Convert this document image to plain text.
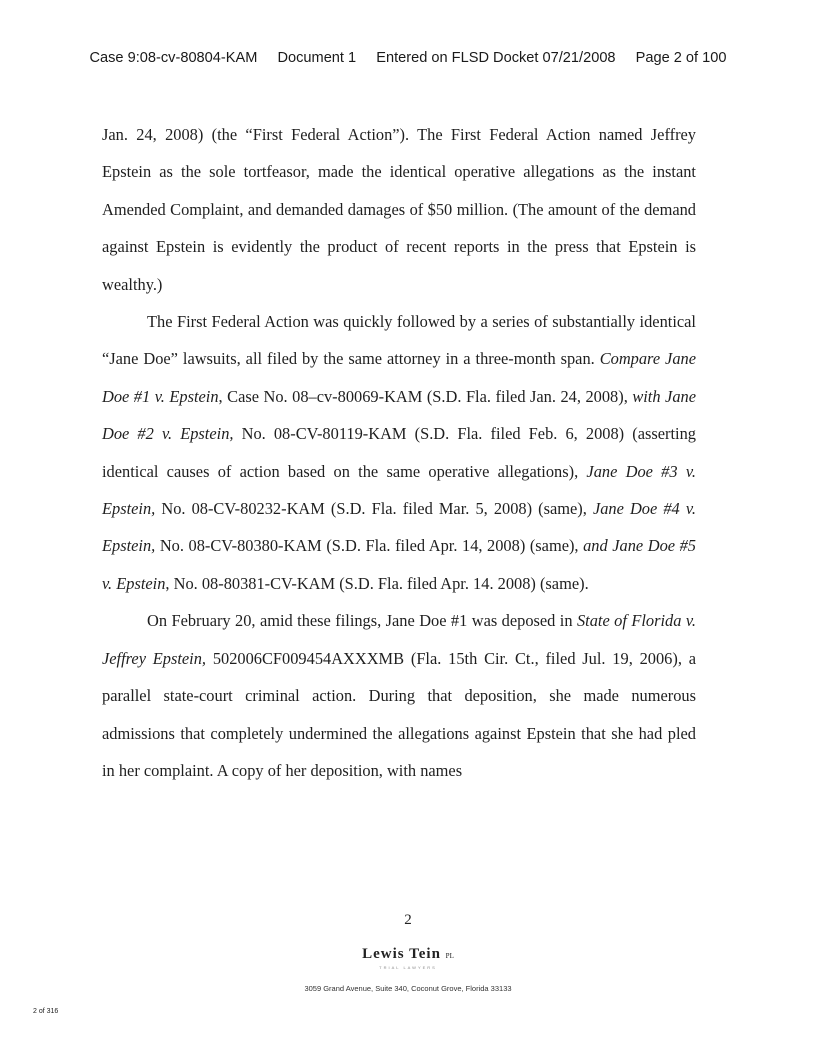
Case 9:08-cv-80804-KAM Document 1 Entered on FLSD Docket 07/21/2008 Page 2 of 100

Jan. 24, 2008) (the “First Federal Action”). The First Federal Action named Jeffrey Epstein as the sole tortfeasor, made the identical operative allegations as the instant Amended Complaint, and demanded damages of $50 million. (The amount of the demand against Epstein is evidently the product of recent reports in the press that Epstein is wealthy.)

The First Federal Action was quickly followed by a series of substantially identical “Jane Doe” lawsuits, all filed by the same attorney in a three-month span. Compare Jane Doe #1 v. Epstein, Case No. 08–cv-80069-KAM (S.D. Fla. filed Jan. 24, 2008), with Jane Doe #2 v. Epstein, No. 08-CV-80119-KAM (S.D. Fla. filed Feb. 6, 2008) (asserting identical causes of action based on the same operative allegations), Jane Doe #3 v. Epstein, No. 08-CV-80232-KAM (S.D. Fla. filed Mar. 5, 2008) (same), Jane Doe #4 v. Epstein, No. 08-CV-80380-KAM (S.D. Fla. filed Apr. 14, 2008) (same), and Jane Doe #5 v. Epstein, No. 08-80381-CV-KAM (S.D. Fla. filed Apr. 14. 2008) (same).

On February 20, amid these filings, Jane Doe #1 was deposed in State of Florida v. Jeffrey Epstein, 502006CF009454AXXXMB (Fla. 15th Cir. Ct., filed Jul. 19, 2006), a parallel state-court criminal action. During that deposition, she made numerous admissions that completely undermined the allegations against Epstein that she had pled in her complaint. A copy of her deposition, with names

2
Lewis Tein PL
TRIAL LAWYERS
3059 Grand Avenue, Suite 340, Coconut Grove, Florida 33133
2 of 316
